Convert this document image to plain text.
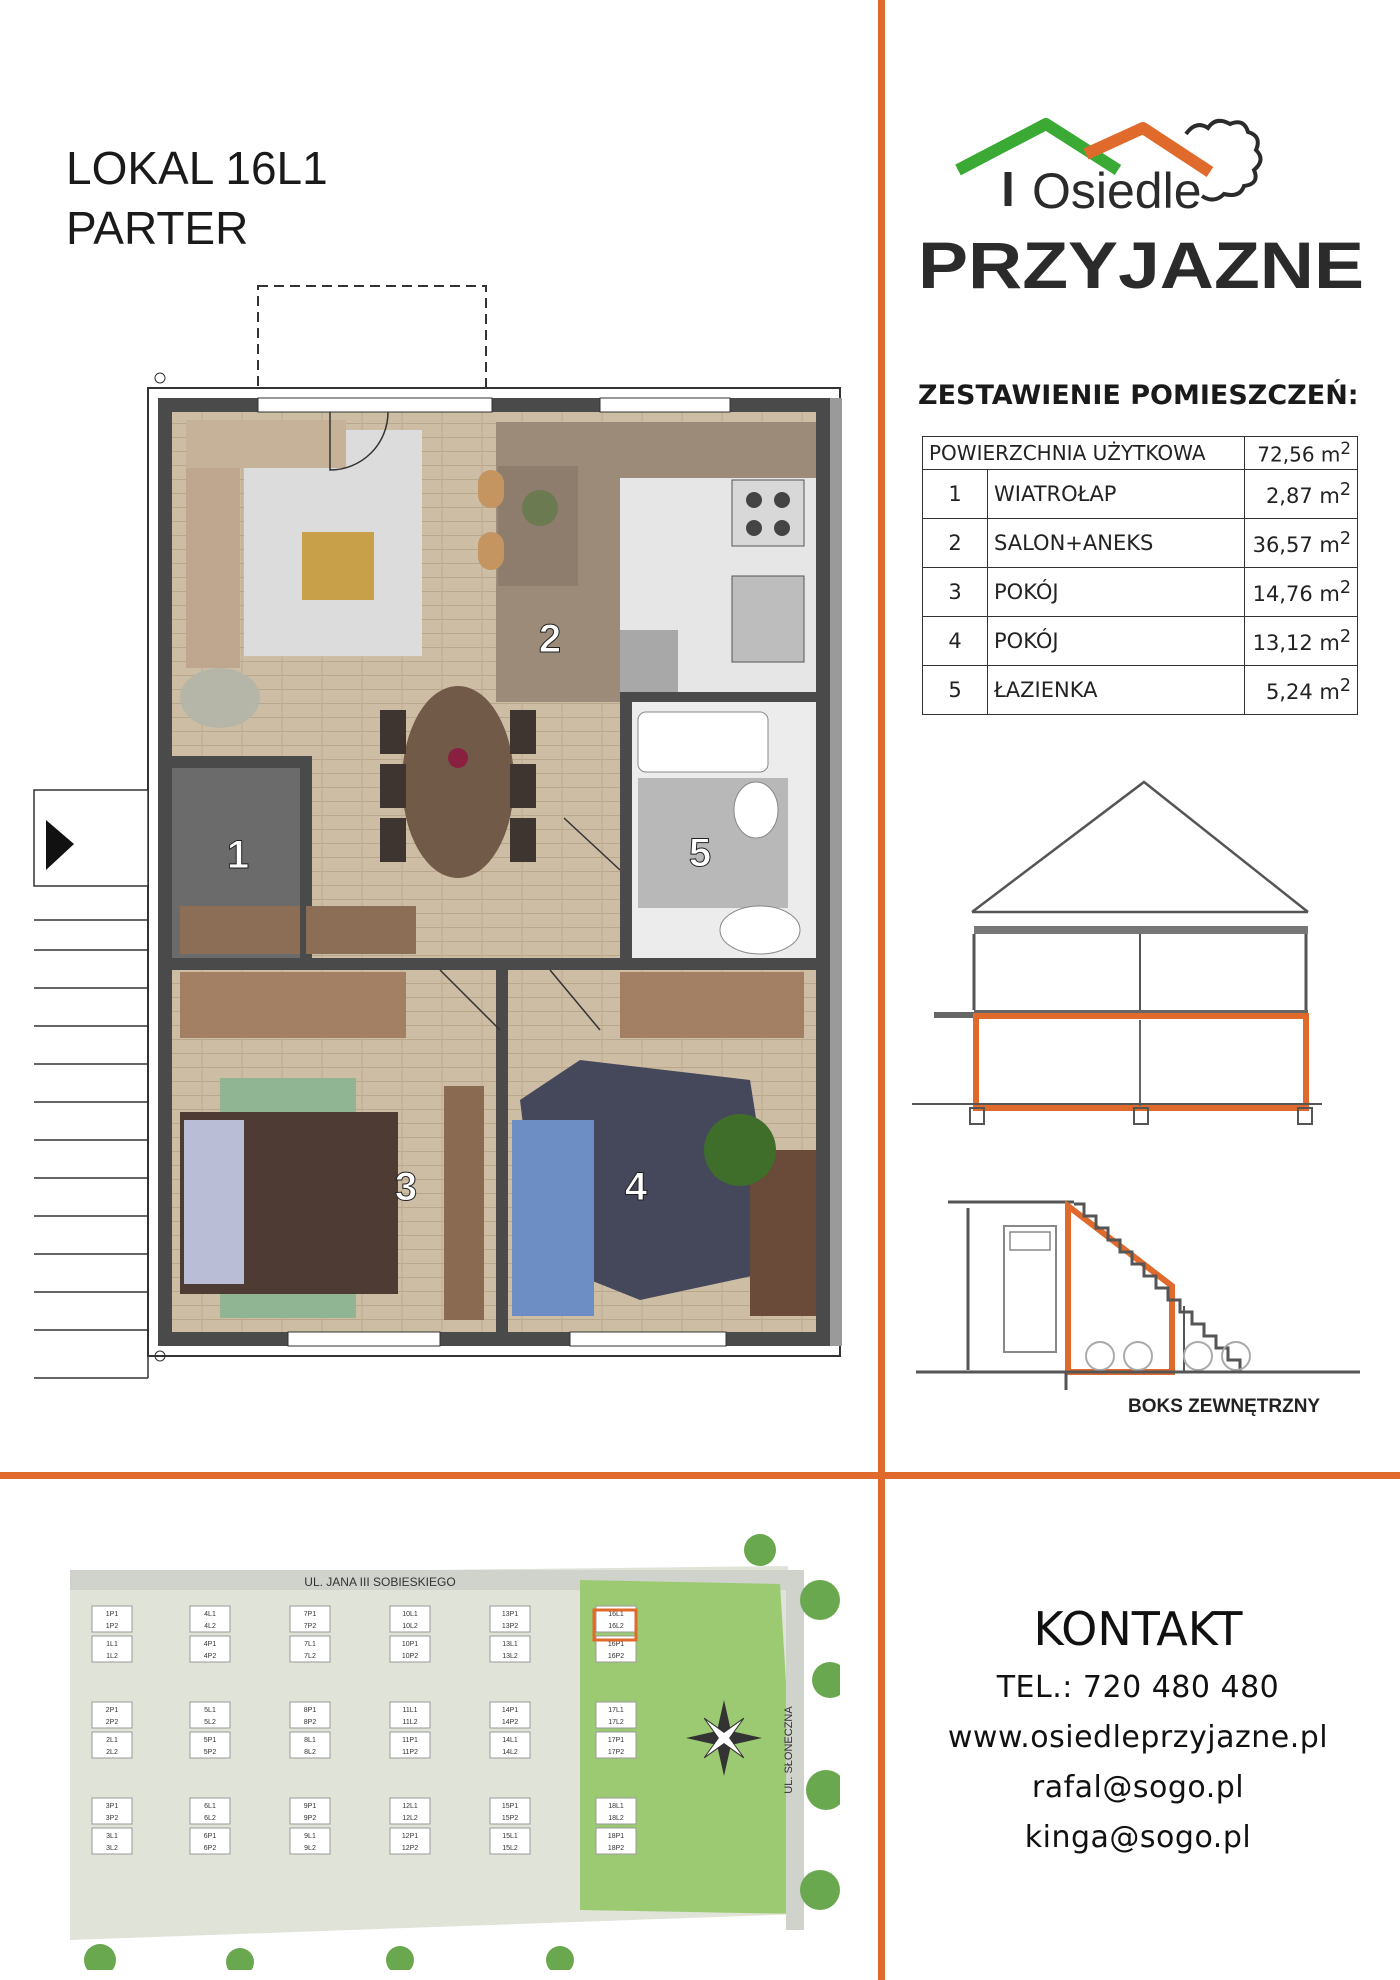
LOKAL 16L1
PARTER
Osiedle
PRZYJAZNE
ZESTAWIENIE POMIESZCZEŃ:
POWIERZCHNIA UŻYTKOWA		72,56 $m^2$
1	WIATROŁAP	2,87 $m^2$
2	SALON+ANEKS	36,57 $m^2$
3	POKÓJ	14,76 $m^2$
4	POKÓJ	13,12 $m^2$
5	ŁAZIENKA	5,24 $m^2$
1
2
3	4
5
BOKS ZEWNĘTRZNY
UL. JANA III SOBIESKIEGO
UL. SŁONECZNA
1P1
1P2
1L1
1L2
2P1
2P2
2L1
2L2
3P1
3P2
3L1
3L2
4L1
4L2
4P1
4P2
5L1
5L2
5P1
5P2
6L1
6L2
6P1
6P2
7P1
7P2
7L1
7L2
8P1
8P2
8L1
8L2
9P1
9P2
9L1
9L2
10L1
10L2
10P1
10P2
11L1
11L2
11P1
11P2
12L1
12L2
12P1
12P2
13P1
13P2
13L1
13L2
14P1
14P2
14L1
14L2
15P1
15P2
15L1
15L2
16L1
16L2
16P1
16P2
17L1
17L2
17P1
17P2
18L1
18L2
18P1
18P2
KONTAKT
TEL.: 720 480 480
www.osiedleprzyjazne.pl
rafal@sogo.pl
kinga@sogo.pl
